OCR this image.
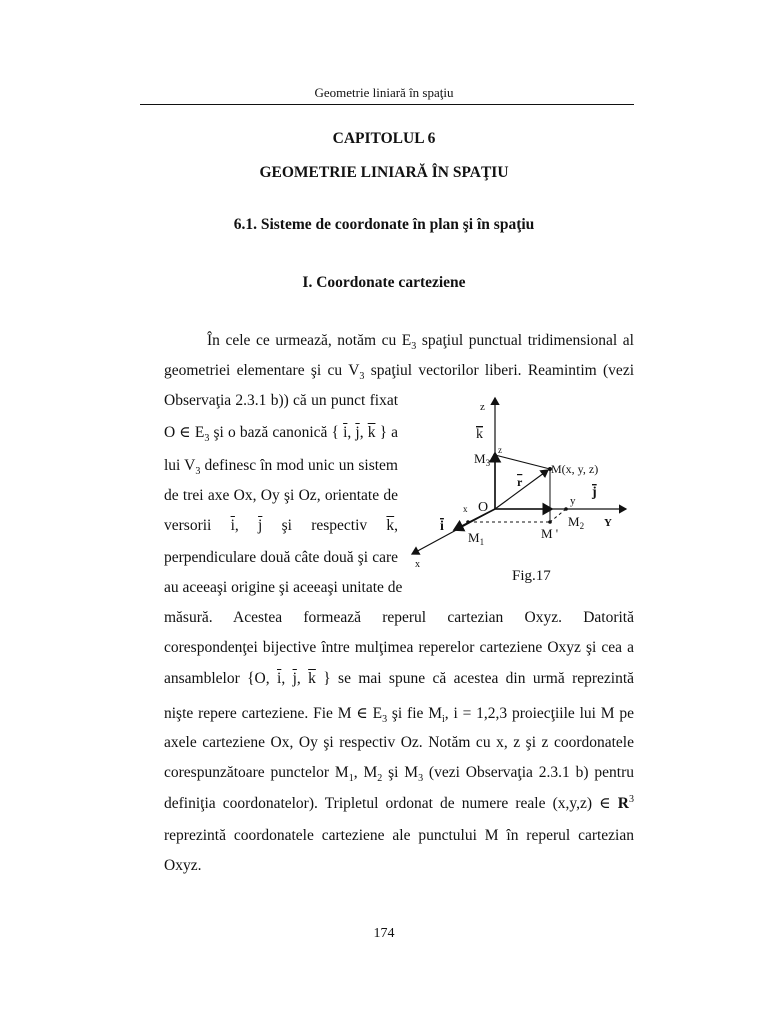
Geometrie liniară în spaţiu
CAPITOLUL 6
GEOMETRIE LINIARĂ ÎN SPAŢIU
6.1. Sisteme de coordonate în plan şi în spaţiu
I. Coordonate carteziene
În cele ce urmează, notăm cu $E_3$ spaţiul punctual tridimensional al
geometriei elementare şi cu $V_3$ spaţiul vectorilor liberi. Reamintim (vezi
Observaţia 2.3.1 b)) că un punct fixat
O ∈ $E_3$ şi o bază canonică { $\overline{i}$, $\overline{j}$, $\overline{k}$ } a
lui $V_3$ definesc în mod unic un sistem
de trei axe Ox, Oy şi Oz, orientate de
versorii $\overline{i}$, $\overline{j}$ şi respectiv $\overline{k}$,
perpendiculare două câte două şi care
au aceeaşi origine şi aceeaşi unitate de
măsură. Acestea formează reperul cartezian Oxyz. Datorită
corespondenţei bijective între mulţimea reperelor carteziene Oxyz şi cea a
ansamblelor {O, $\overline{i}$, $\overline{j}$, $\overline{k}$ } se mai spune că acestea din urmă reprezintă
nişte repere carteziene. Fie M ∈ $E_3$ şi fie $M_i$, i = 1,2,3 proiecţiile lui M pe
axele carteziene Ox, Oy şi respectiv Oz. Notăm cu x, z şi z coordonatele
corespunzătoare punctelor $M_1$, $M_2$ şi $M_3$ (vezi Observaţia 2.3.1 b) pentru
definiţia coordonatelor). Tripletul ordonat de numere reale (x,y,z) ∈ $R^3$
reprezintă coordonatele carteziene ale punctului M în reperul cartezian
Oxyz.
z
k
z
$M_3$	M(x, y, z)
r
O	y
j
x
i	$M_2$ Y
$M_1$
M '
x
Fig.17
174
